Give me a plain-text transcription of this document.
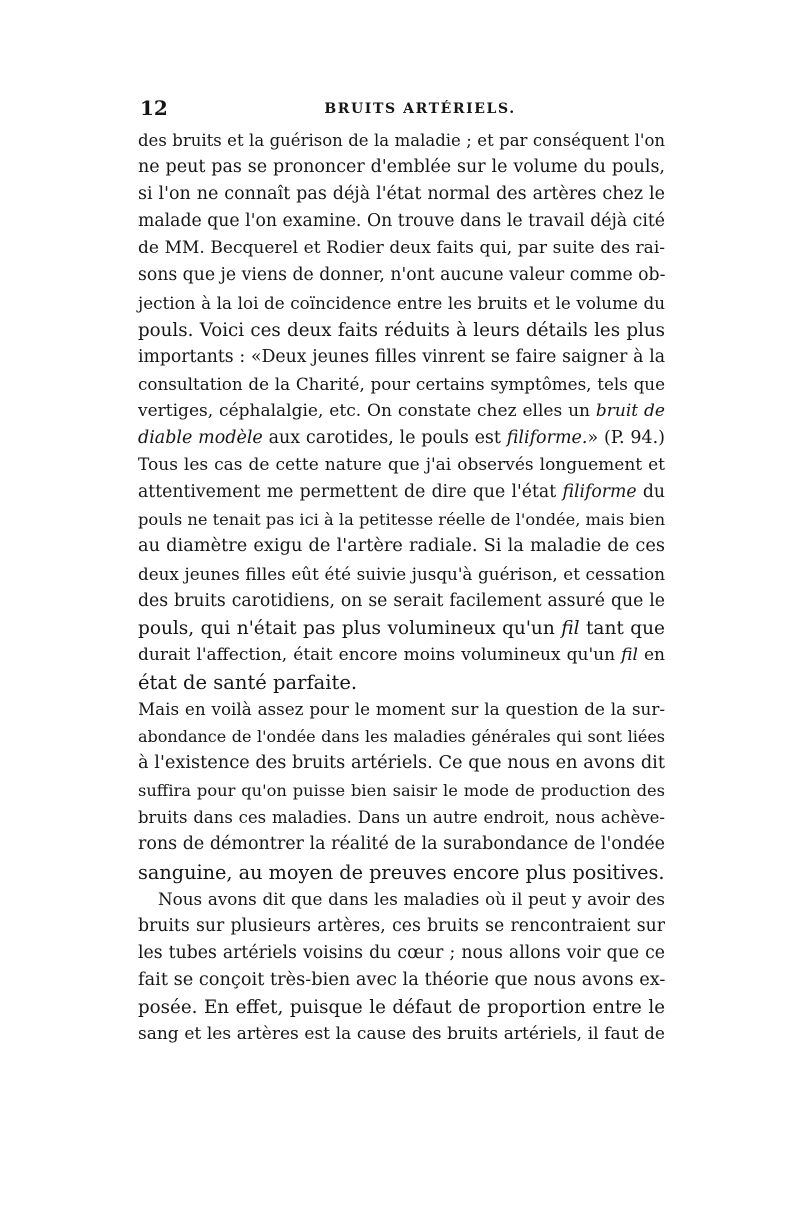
12	BRUITS ARTÉRIELS.
des bruits et la guérison de la maladie ; et par conséquent l'on
ne peut pas se prononcer d'emblée sur le volume du pouls,
si l'on ne connaît pas déjà l'état normal des artères chez le
malade que l'on examine. On trouve dans le travail déjà cité
de MM. Becquerel et Rodier deux faits qui, par suite des rai-
sons que je viens de donner, n'ont aucune valeur comme ob-
jection à la loi de coïncidence entre les bruits et le volume du
pouls. Voici ces deux faits réduits à leurs détails les plus
importants : «Deux jeunes filles vinrent se faire saigner à la
consultation de la Charité, pour certains symptômes, tels que
vertiges, céphalalgie, etc. On constate chez elles un bruit de
diable modèle aux carotides, le pouls est filiforme.» (P. 94.)
Tous les cas de cette nature que j'ai observés longuement et
attentivement me permettent de dire que l'état filiforme du
pouls ne tenait pas ici à la petitesse réelle de l'ondée, mais bien
au diamètre exigu de l'artère radiale. Si la maladie de ces
deux jeunes filles eût été suivie jusqu'à guérison, et cessation
des bruits carotidiens, on se serait facilement assuré que le
pouls, qui n'était pas plus volumineux qu'un fil tant que
durait l'affection, était encore moins volumineux qu'un fil en
état de santé parfaite.
Mais en voilà assez pour le moment sur la question de la sur-
abondance de l'ondée dans les maladies générales qui sont liées
à l'existence des bruits artériels. Ce que nous en avons dit
suffira pour qu'on puisse bien saisir le mode de production des
bruits dans ces maladies. Dans un autre endroit, nous achève-
rons de démontrer la réalité de la surabondance de l'ondée
sanguine, au moyen de preuves encore plus positives.
Nous avons dit que dans les maladies où il peut y avoir des
bruits sur plusieurs artères, ces bruits se rencontraient sur
les tubes artériels voisins du cœur ; nous allons voir que ce
fait se conçoit très-bien avec la théorie que nous avons ex-
posée. En effet, puisque le défaut de proportion entre le
sang et les artères est la cause des bruits artériels, il faut de
